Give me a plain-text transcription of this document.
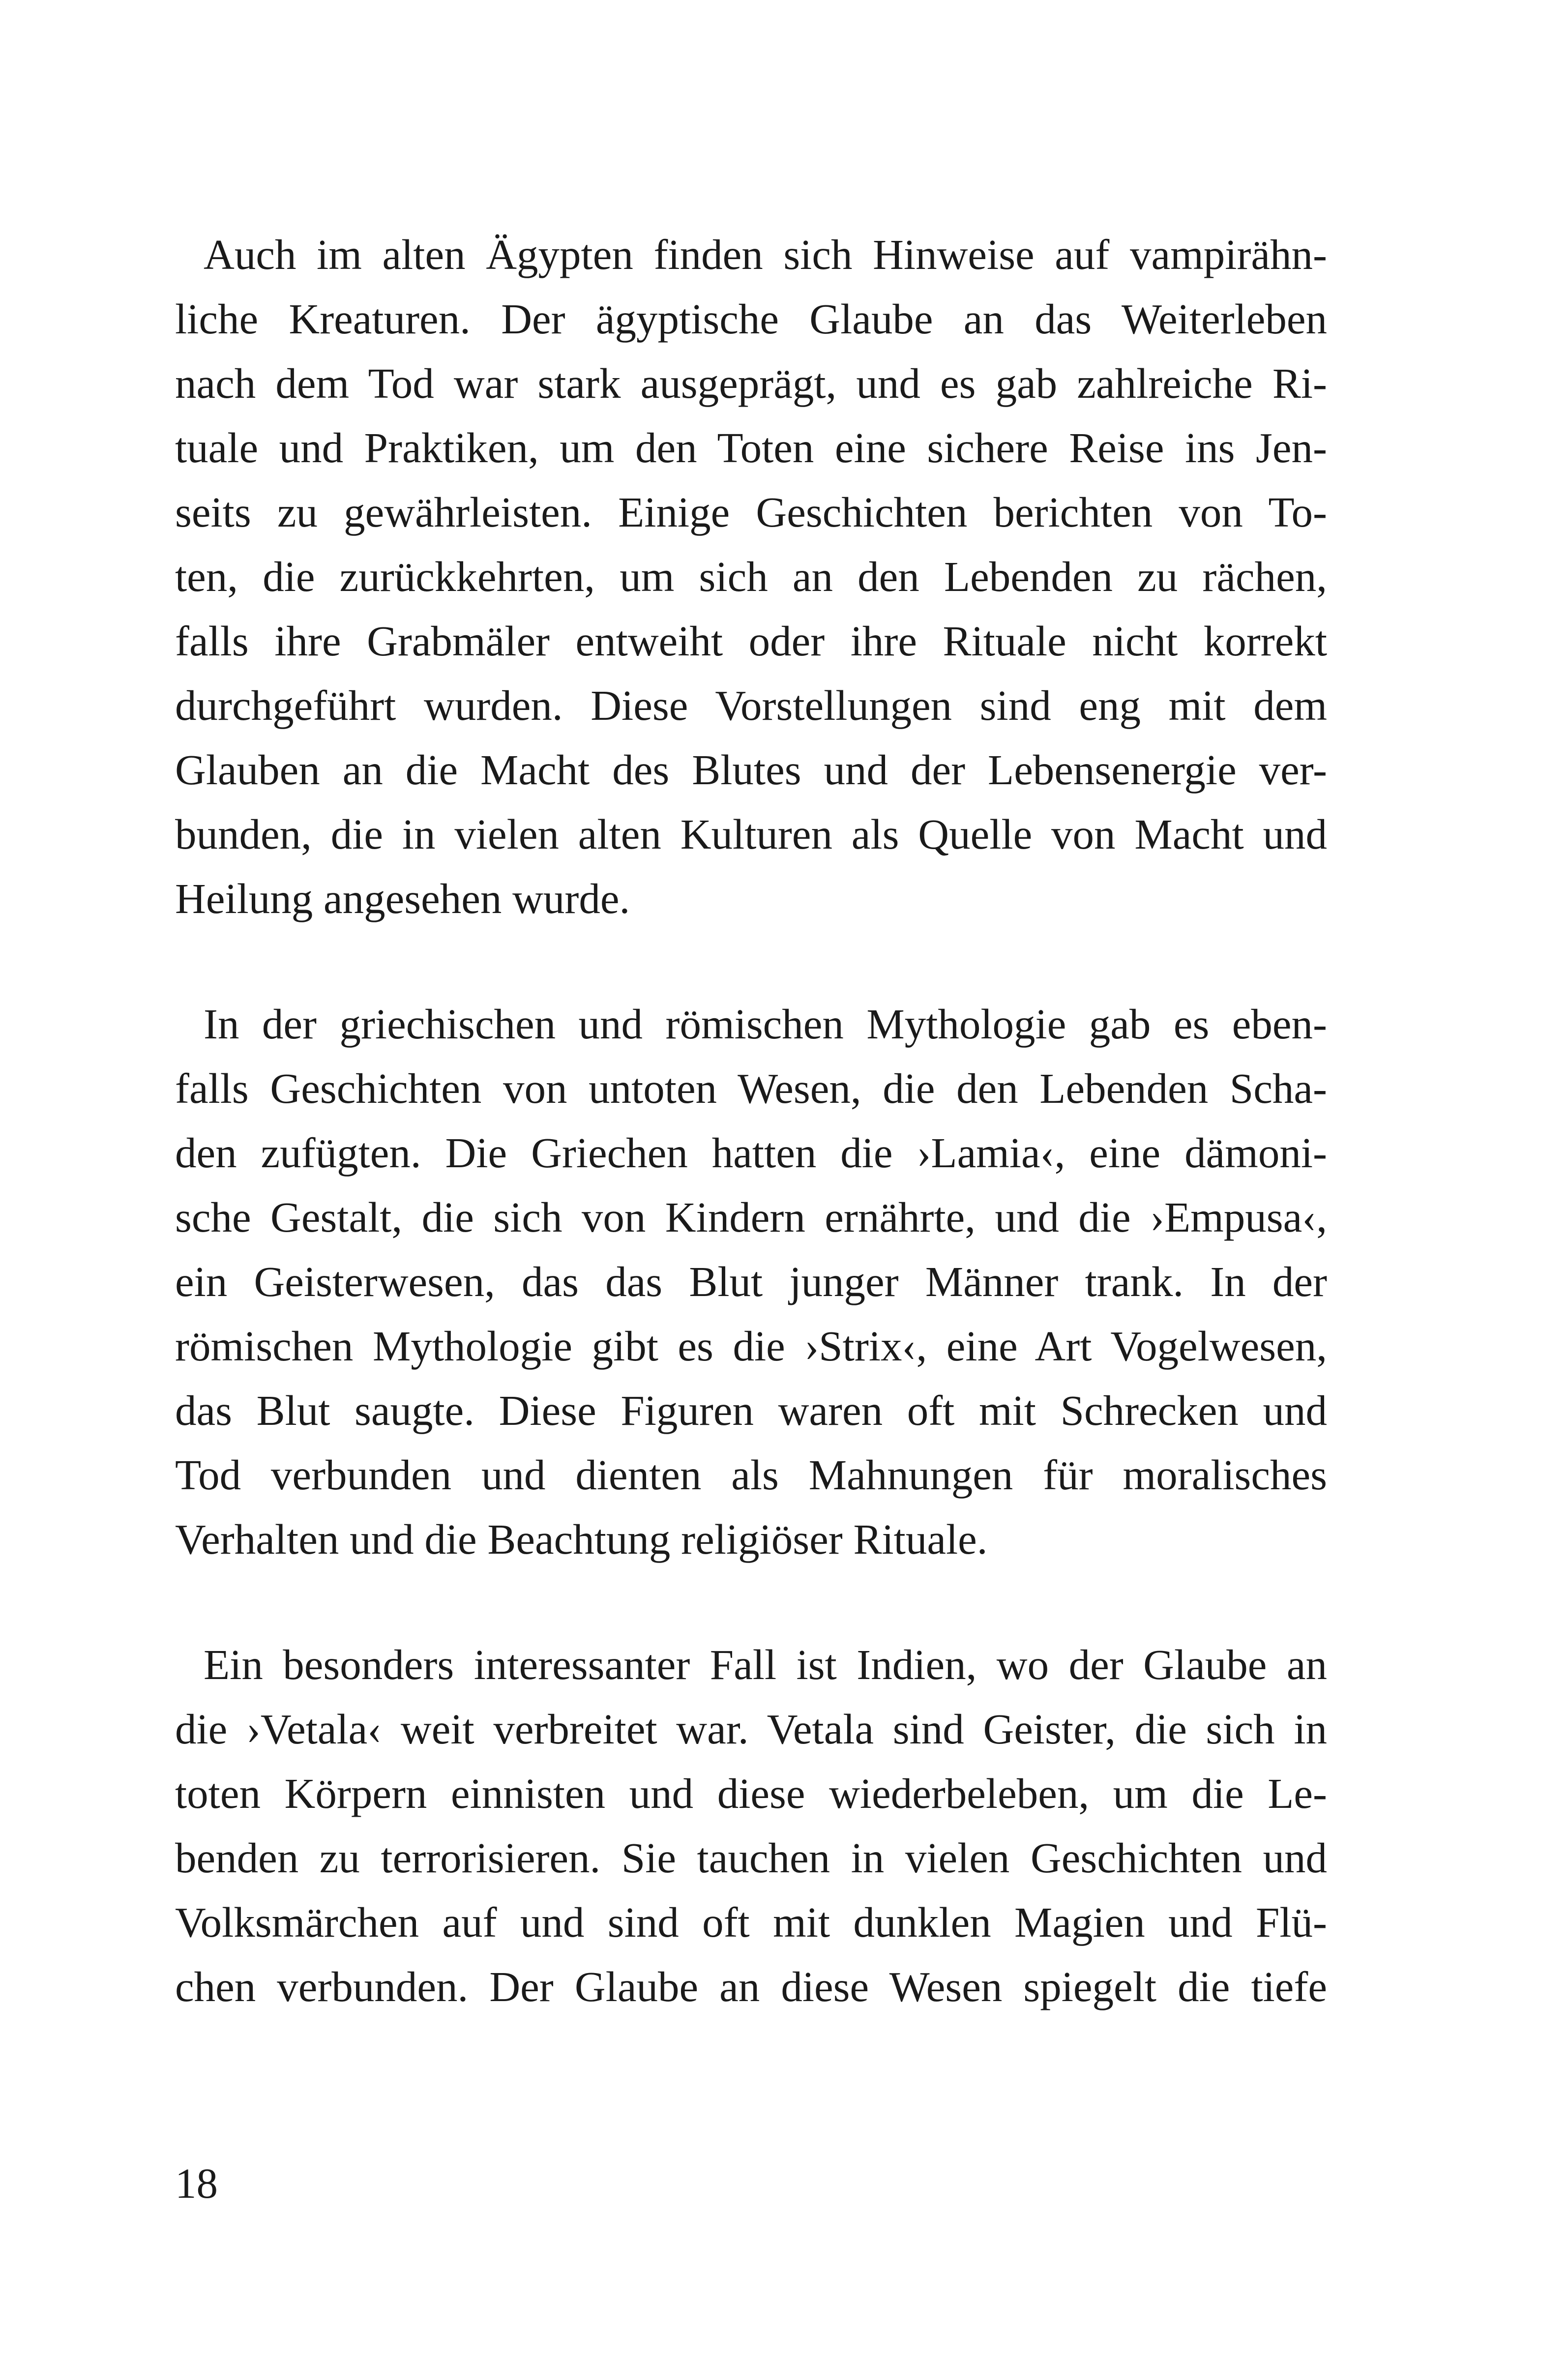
Auch im alten Ägypten finden sich Hinweise auf vampirähn-
liche Kreaturen. Der ägyptische Glaube an das Weiterleben
nach dem Tod war stark ausgeprägt, und es gab zahlreiche Ri-
tuale und Praktiken, um den Toten eine sichere Reise ins Jen-
seits zu gewährleisten. Einige Geschichten berichten von To-
ten, die zurückkehrten, um sich an den Lebenden zu rächen,
falls ihre Grabmäler entweiht oder ihre Rituale nicht korrekt
durchgeführt wurden. Diese Vorstellungen sind eng mit dem
Glauben an die Macht des Blutes und der Lebensenergie ver-
bunden, die in vielen alten Kulturen als Quelle von Macht und
Heilung angesehen wurde.
In der griechischen und römischen Mythologie gab es eben-
falls Geschichten von untoten Wesen, die den Lebenden Scha-
den zufügten. Die Griechen hatten die ›Lamia‹, eine dämoni-
sche Gestalt, die sich von Kindern ernährte, und die ›Empusa‹,
ein Geisterwesen, das das Blut junger Männer trank. In der
römischen Mythologie gibt es die ›Strix‹, eine Art Vogelwesen,
das Blut saugte. Diese Figuren waren oft mit Schrecken und
Tod verbunden und dienten als Mahnungen für moralisches
Verhalten und die Beachtung religiöser Rituale.
Ein besonders interessanter Fall ist Indien, wo der Glaube an
die ›Vetala‹ weit verbreitet war. Vetala sind Geister, die sich in
toten Körpern einnisten und diese wiederbeleben, um die Le-
benden zu terrorisieren. Sie tauchen in vielen Geschichten und
Volksmärchen auf und sind oft mit dunklen Magien und Flü-
chen verbunden. Der Glaube an diese Wesen spiegelt die tiefe
18
